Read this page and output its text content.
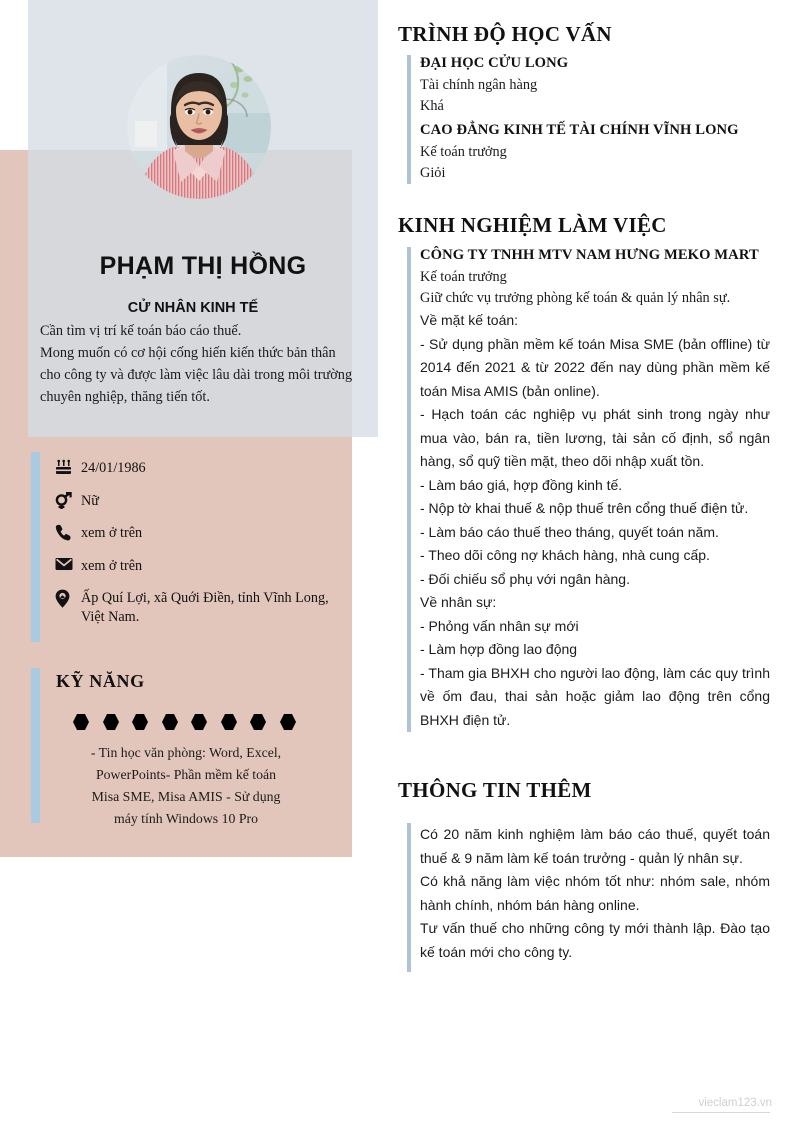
PHẠM THỊ HỒNG
CỬ NHÂN KINH TẾ

Cần tìm vị trí kế toán báo cáo thuế.

Mong muốn có cơ hội cống hiến kiến thức bản thân

cho công ty và được làm việc lâu dài trong môi trường

chuyên nghiệp, thăng tiến tốt.

24/01/1986
Nữ
xem ở trên
xem ở trên
Ấp Quí Lợi, xã Quới Điền, tỉnh Vĩnh Long, Việt Nam.
KỸ NĂNG
- Tin học văn phòng: Word, Excel,
PowerPoints- Phần mềm kế toán
Misa SME, Misa AMIS - Sử dụng
máy tính Windows 10 Pro
TRÌNH ĐỘ HỌC VẤN
ĐẠI HỌC CỬU LONG
Tài chính ngân hàng
Khá
CAO ĐẲNG KINH TẾ TÀI CHÍNH VĨNH LONG
Kế toán trưởng
Giỏi
KINH NGHIỆM LÀM VIỆC
CÔNG TY TNHH MTV NAM HƯNG MEKO MART
Kế toán trưởng
Giữ chức vụ trưởng phòng kế toán & quản lý nhân sự.
Về mặt kế toán:
- Sử dụng phần mềm kế toán Misa SME (bản offline) từ 2014 đến 2021 & từ 2022 đến nay dùng phần mềm kế toán Misa AMIS (bản online).
- Hạch toán các nghiệp vụ phát sinh trong ngày như mua vào, bán ra, tiền lương, tài sản cố định, sổ ngân hàng, sổ quỹ tiền mặt, theo dõi nhập xuất tồn.
- Làm báo giá, hợp đồng kinh tế.
- Nộp tờ khai thuế & nộp thuế trên cổng thuế điện tử.
- Làm báo cáo thuế theo tháng, quyết toán năm.
- Theo dõi công nợ khách hàng, nhà cung cấp.
- Đối chiếu sổ phụ với ngân hàng.
Về nhân sự:
- Phỏng vấn nhân sự mới
- Làm hợp đồng lao động
- Tham gia BHXH cho người lao động, làm các quy trình về ốm đau, thai sản hoặc giảm lao động trên cổng BHXH điện tử.
THÔNG TIN THÊM
Có 20 năm kinh nghiệm làm báo cáo thuế, quyết toán thuế & 9 năm làm kế toán trưởng - quản lý nhân sự.
Có khả năng làm việc nhóm tốt như: nhóm sale, nhóm hành chính, nhóm bán hàng online.
Tư vấn thuế cho những công ty mới thành lập. Đào tạo kế toán mới cho công ty.
vieclam123.vn
